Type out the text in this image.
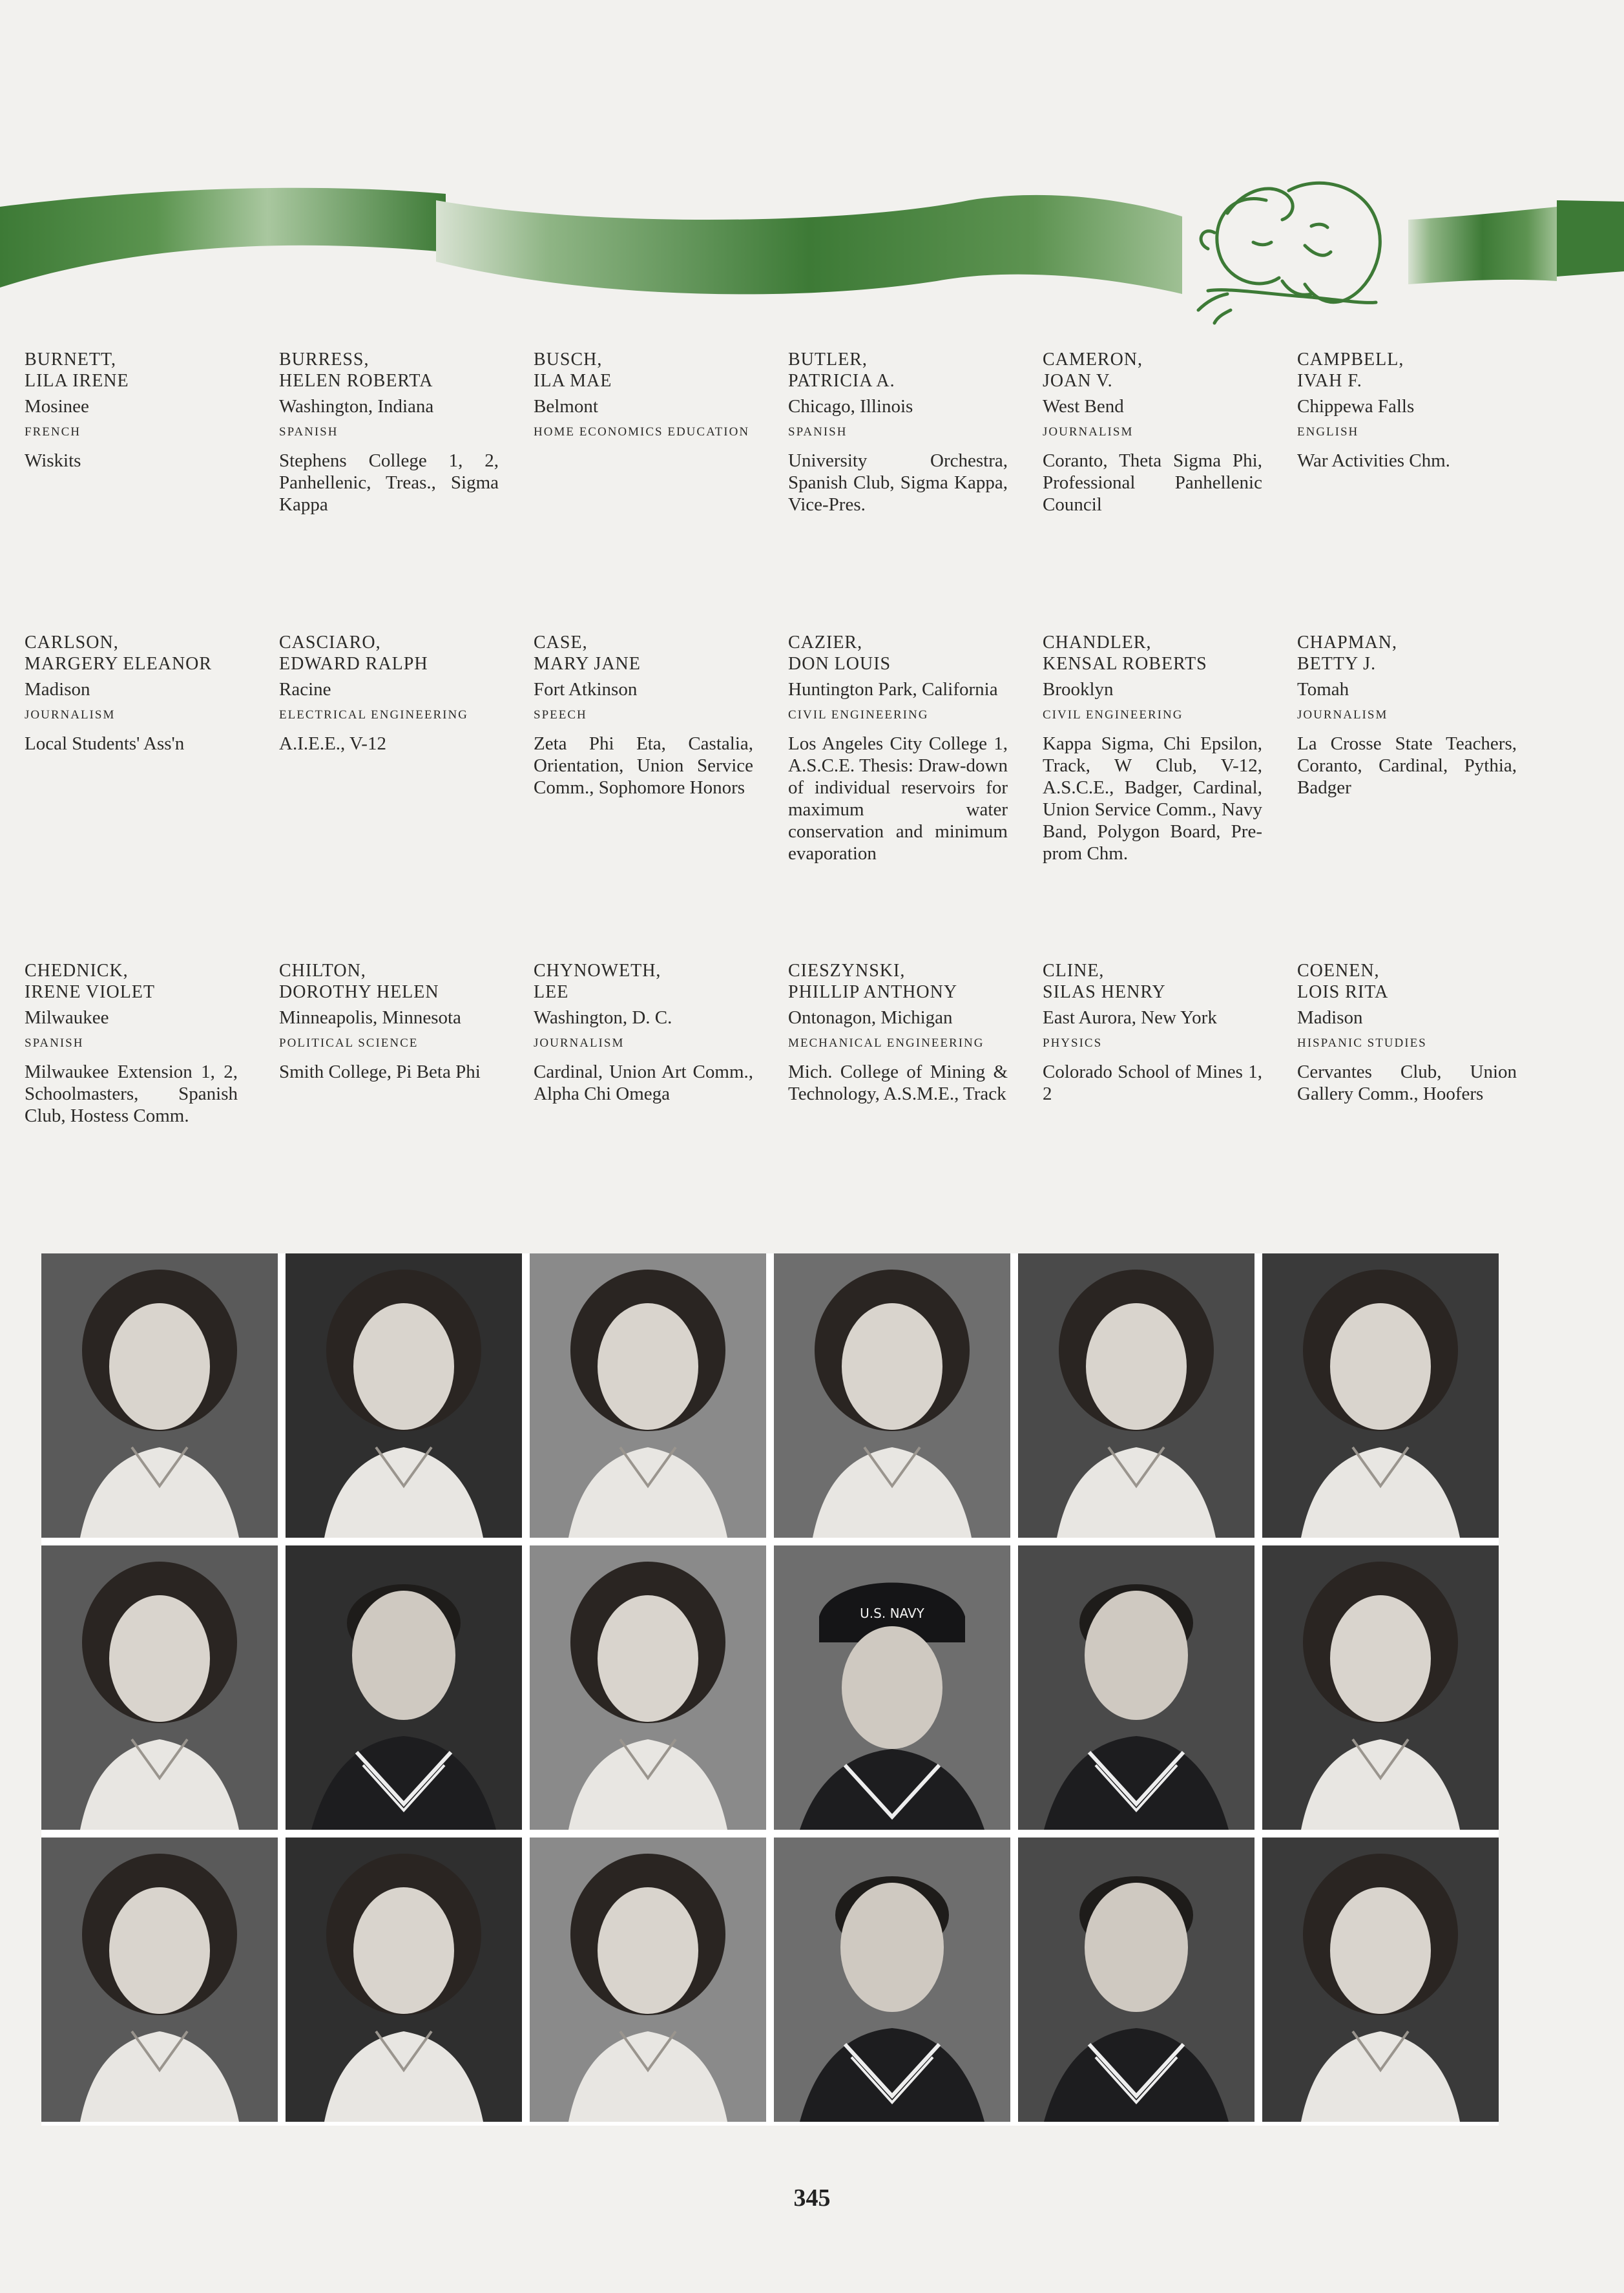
BURNETT,
LILA IRENE
Mosinee
FRENCH
Wiskits
BURRESS,
HELEN ROBERTA
Washington, Indiana
SPANISH
Stephens College 1, 2, Panhellenic, Treas., Sigma Kappa
BUSCH,
ILA MAE
Belmont
HOME ECONOMICS EDUCATION
BUTLER,
PATRICIA A.
Chicago, Illinois
SPANISH
University Orchestra, Spanish Club, Sigma Kappa, Vice-Pres.
CAMERON,
JOAN V.
West Bend
JOURNALISM
Coranto, Theta Sigma Phi, Professional Panhellenic Council
CAMPBELL,
IVAH F.
Chippewa Falls
ENGLISH
War Activities Chm.
CARLSON,
MARGERY ELEANOR
Madison
JOURNALISM
Local Students' Ass'n
CASCIARO,
EDWARD RALPH
Racine
ELECTRICAL ENGINEERING
A.I.E.E., V-12
CASE,
MARY JANE
Fort Atkinson
SPEECH
Zeta Phi Eta, Castalia, Orientation, Union Service Comm., Sophomore Honors
CAZIER,
DON LOUIS
Huntington Park, California
CIVIL ENGINEERING
Los Angeles City College 1, A.S.C.E. Thesis: Draw-down of individual reservoirs for maximum water conservation and minimum evaporation
CHANDLER,
KENSAL ROBERTS
Brooklyn
CIVIL ENGINEERING
Kappa Sigma, Chi Epsilon, Track, W Club, V-12, A.S.C.E., Badger, Cardinal, Union Service Comm., Navy Band, Polygon Board, Pre-prom Chm.
CHAPMAN,
BETTY J.
Tomah
JOURNALISM
La Crosse State Teachers, Coranto, Cardinal, Pythia, Badger
CHEDNICK,
IRENE VIOLET
Milwaukee
SPANISH
Milwaukee Extension 1, 2, Schoolmasters, Spanish Club, Hostess Comm.
CHILTON,
DOROTHY HELEN
Minneapolis, Minnesota
POLITICAL SCIENCE
Smith College, Pi Beta Phi
CHYNOWETH,
LEE
Washington, D. C.
JOURNALISM
Cardinal, Union Art Comm., Alpha Chi Omega
CIESZYNSKI,
PHILLIP ANTHONY
Ontonagon, Michigan
MECHANICAL ENGINEERING
Mich. College of Mining & Technology, A.S.M.E., Track
CLINE,
SILAS HENRY
East Aurora, New York
PHYSICS
Colorado School of Mines 1, 2
COENEN,
LOIS RITA
Madison
HISPANIC STUDIES
Cervantes Club, Union Gallery Comm., Hoofers
U.S. NAVY
345
